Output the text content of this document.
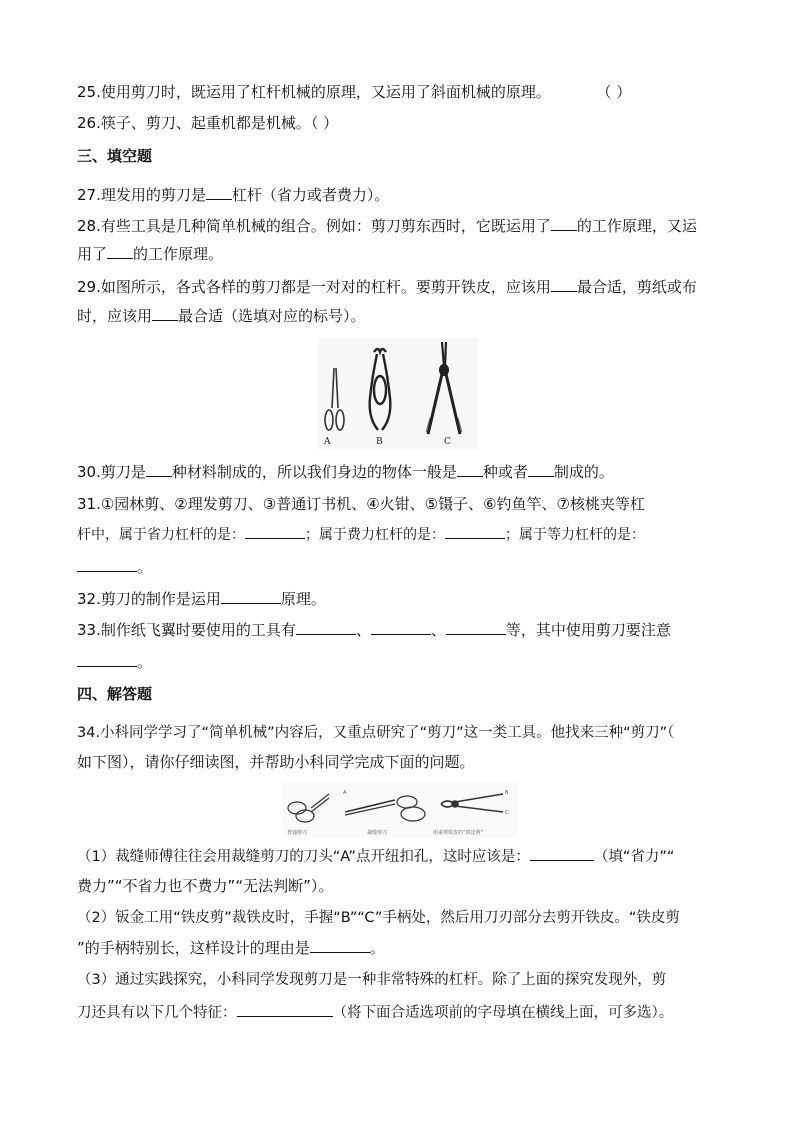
25.使用剪刀时，既运用了杠杆机械的原理，又运用了斜面机械的原理。	（ ）
26.筷子、剪刀、起重机都是机械。（ ）
三、填空题
27.理发用的剪刀是 杠杆（省力或者费力）。
28.有些工具是几种简单机械的组合。例如：剪刀剪东西时，它既运用了 的工作原理，又运
用了 的工作原理。
29.如图所示，各式各样的剪刀都是一对对的杠杆。要剪开铁皮，应该用 最合适，剪纸或布
时，应该用 最合适（选填对应的标号）。
A	B	C
30.剪刀是 种材料制成的，所以我们身边的物体一般是 种或者 制成的。
31.①园林剪、②理发剪刀、③普通订书机、④火钳、⑤镊子、⑥钓鱼竿、⑦核桃夹等杠
杆中，属于省力杠杆的是：	；属于费力杠杆的是：	；属于等力杠杆的是：
。
32.剪刀的制作是运用	原理。
33.制作纸飞翼时要使用的工具有	、	、	等，其中使用剪刀要注意
。
四、解答题
34.小科同学学习了“简单机械”内容后，又重点研究了“剪刀”这一类工具。他找来三种“剪刀”（
如下图），请你仔细读图，并帮助小科同学完成下面的问题。
A	B
C
普通剪刀	裁缝剪刀	用来剪铁皮的“铁皮剪”
（1）裁缝师傅往往会用裁缝剪刀的刀头“A”点开纽扣孔，这时应该是：	（填“省力”“
费力”“不省力也不费力”“无法判断”）。
（2）钣金工用“铁皮剪”裁铁皮时，手握“B”“C”手柄处，然后用刀刃部分去剪开铁皮。“铁皮剪
”的手柄特别长，这样设计的理由是	。
（3）通过实践探究，小科同学发现剪刀是一种非常特殊的杠杆。除了上面的探究发现外，剪
刀还具有以下几个特征：	（将下面合适选项前的字母填在横线上面，可多选）。
